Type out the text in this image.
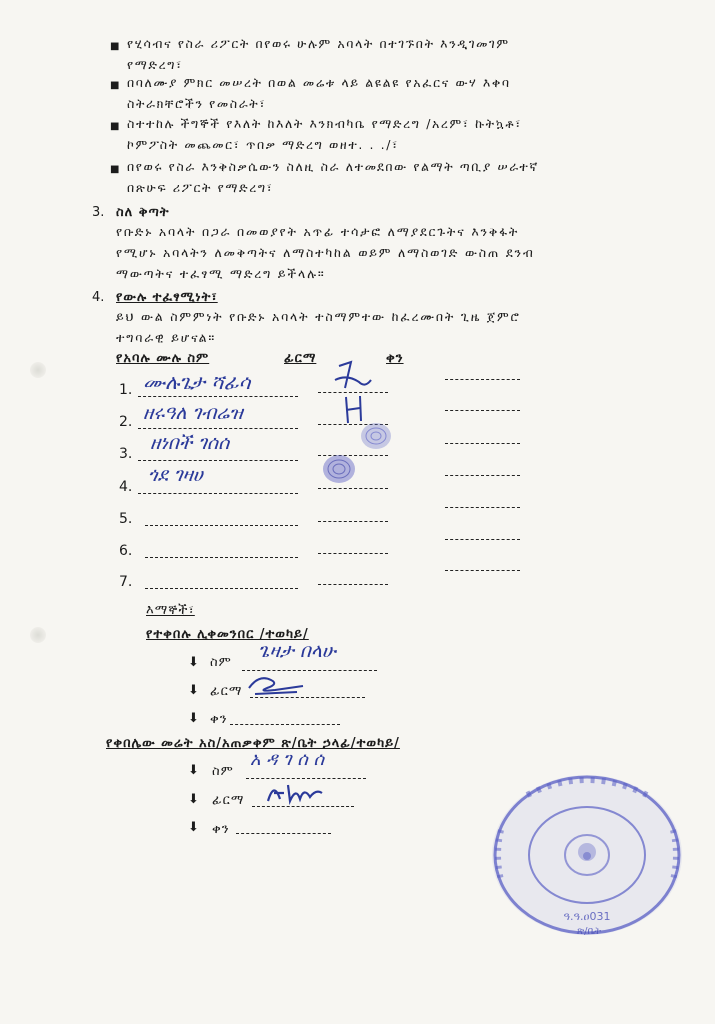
■ የሂሳብና የስራ ሪፖርት በየወሩ ሁሉም አባላት በተገኙበት እንዲገመገም
የማድረግ፣
■ በባለሙያ ምክር መሠረት በወል መሬቱ ላይ ልዩልዩ የአፈርና ውሃ እቀባ
ስትራክቸሮችን የመስራት፣
■ ስተተከሉ ችግኞች የእለት ከእለት እንክብካቤ የማድረግ /አረም፣ ኩትኳቶ፣
ኮምፖስት መጨመር፣ ጥበቃ ማድረግ ወዘተ. . ./፣
■ በየወሩ የስራ እንቅስቃሴውን ስለዚ ስራ ለተመደበው የልማት ጣቢያ ሠራተኛ
በጽሁፍ ሪፖርት የማድረግ፣
3. ስለ ቅጣት
የቡድኑ አባላት በጋራ በመወያየት አጥፊ ተሳታፎ ለማያደርጉትና እንቅፋት
የሚሆኑ አባላትን ለመቅጣትና ለማስተካከል ወይም ለማስወገድ ውስጠ ደንብ
ማውጣትና ተፈፃሚ ማድረግ ይችላሉ።
4. የውሉ ተፈፃሚነት፣
ይህ ውል ስምምነት የቡድኑ አባላት ተስማምተው ከፈረሙበት ጊዜ ጀምሮ
ተግባራዊ ይሆናል።
የአባሉ ሙሉ ስም	ፊርማ	ቀን
1. ሙሉጌታ ሻፊሳ
2. ዘሩዓለ ገብሬዝ
3. ዘነበች ገሰሰ
4.
ጎደ ገዛሀ
5.
6.
7.
እማኞች፣
የተቀበሉ ሊቀመንበር /ተወካይ/
⬇ ስም
ጌዛታ በላሁ
⬇ ፊርማ
⬇ ቀን
የቀበሌው መሬት አስ/አጠቃቀም ጽ/ቤት ኃላፊ/ተወካይ/
⬇ ስም
አ ዳ ገ ሰ ሰ
⬇ ፊርማ
⬇ ቀን
ዓ.ዓ.ዐ031
ጽ/ቤት
